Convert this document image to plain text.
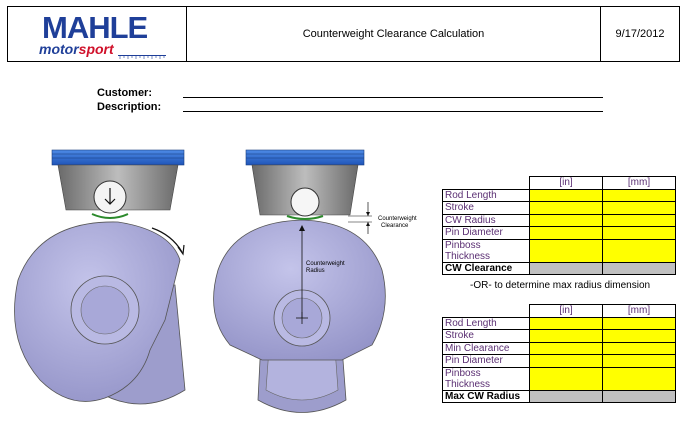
MAHLE
motorsport
Counterweight Clearance Calculation	9/17/2012
Customer:
Description:
Counterweight
Clearance
Counterweight
Radius
	[in]	[mm]
Rod Length		
Stroke		
CW Radius		
Pin Diameter		
Pinboss Thickness		
CW Clearance		
-OR- to determine max radius dimension
	[in]	[mm]
Rod Length		
Stroke		
Min Clearance		
Pin Diameter		
Pinboss Thickness		
Max CW Radius		
